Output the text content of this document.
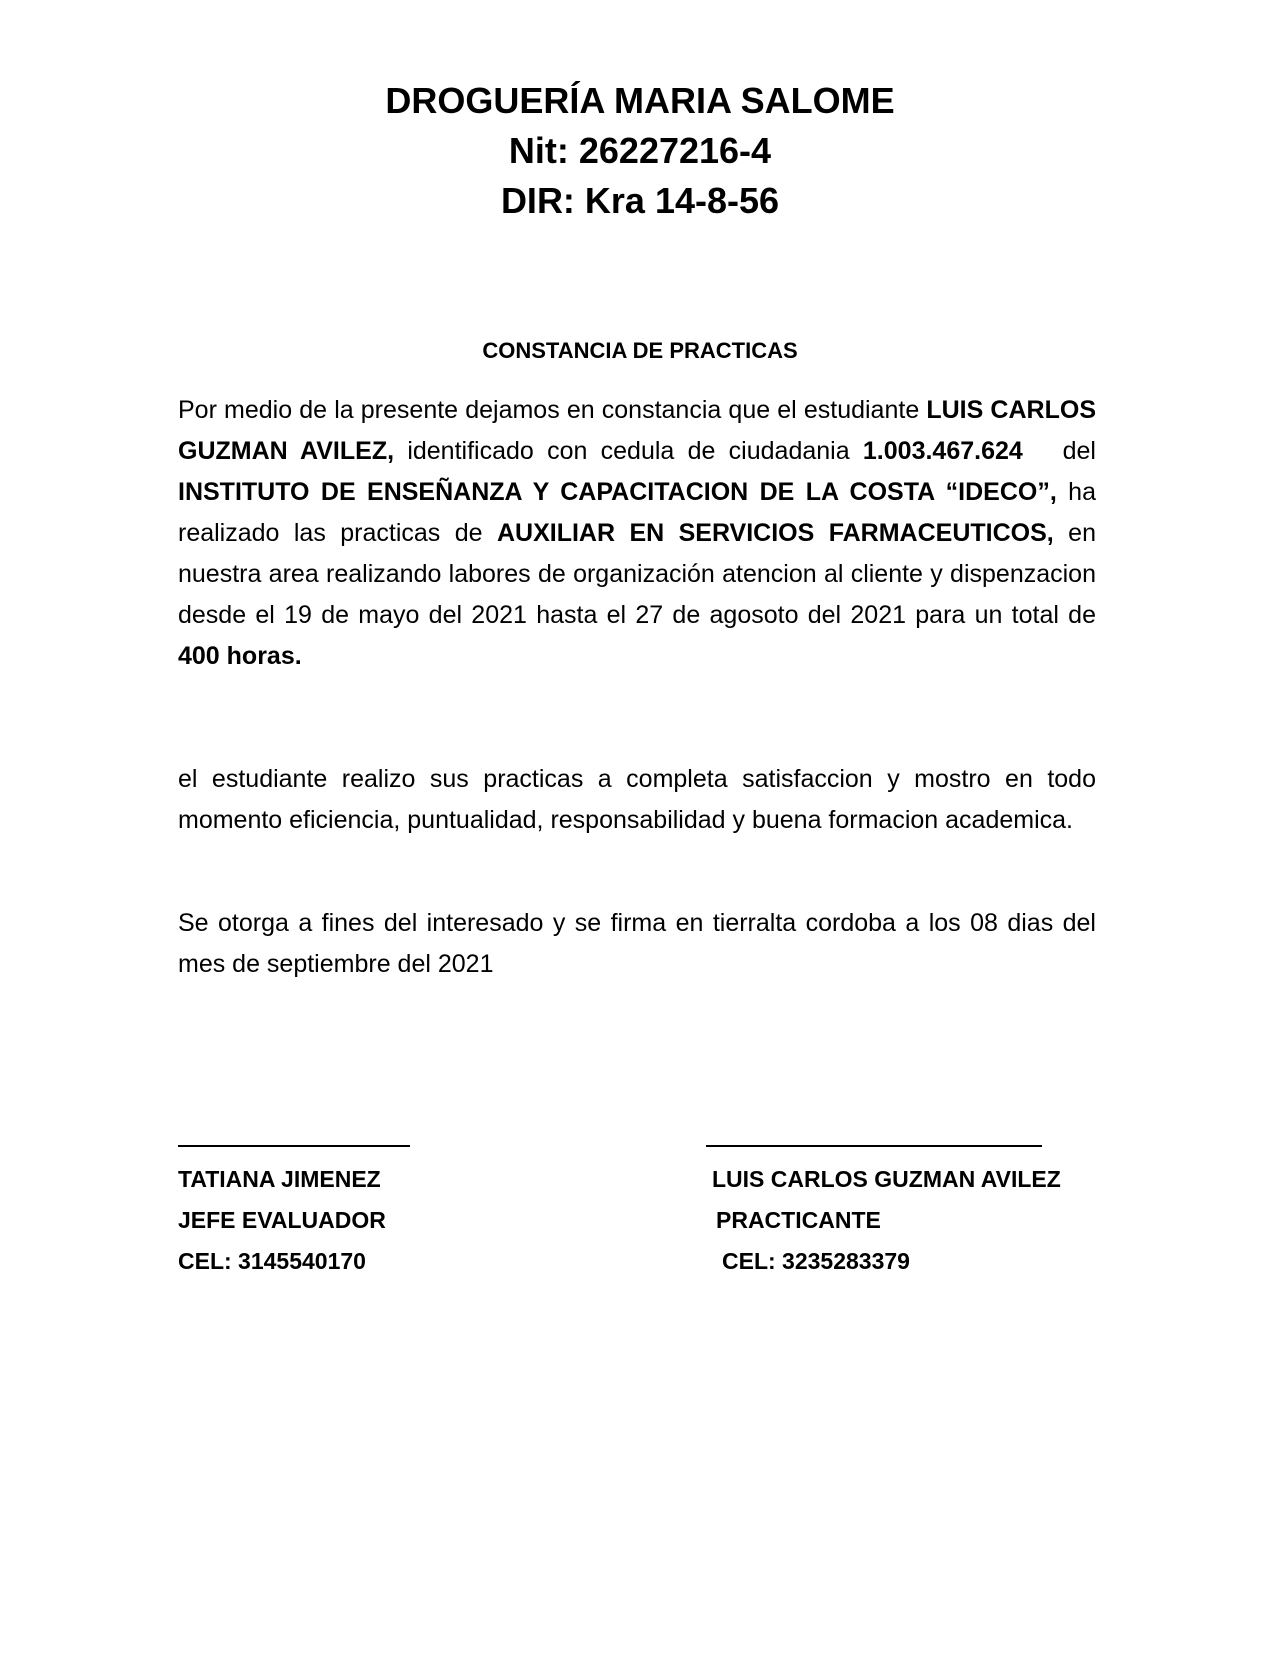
DROGUERÍA MARIA SALOME
Nit: 26227216-4
DIR: Kra 14-8-56
CONSTANCIA DE PRACTICAS
Por medio de la presente dejamos en constancia que el estudiante LUIS CARLOS GUZMAN AVILEZ, identificado con cedula de ciudadania 1.003.467.624   del INSTITUTO DE ENSEÑANZA Y CAPACITACION DE LA COSTA “IDECO”, ha realizado las practicas de AUXILIAR EN SERVICIOS FARMACEUTICOS, en nuestra area realizando labores de organización atencion al cliente y dispenzacion desde el 19 de mayo del 2021 hasta el 27 de agosoto del 2021 para un total de 400 horas.
el estudiante realizo sus practicas a completa satisfaccion y mostro en todo momento eficiencia, puntualidad, responsabilidad y buena formacion academica.
Se otorga a fines del interesado y se firma en tierralta cordoba a los 08 dias del mes de septiembre del 2021
TATIANA JIMENEZ
JEFE EVALUADOR
CEL: 3145540170
LUIS CARLOS GUZMAN AVILEZ
PRACTICANTE
CEL: 3235283379
